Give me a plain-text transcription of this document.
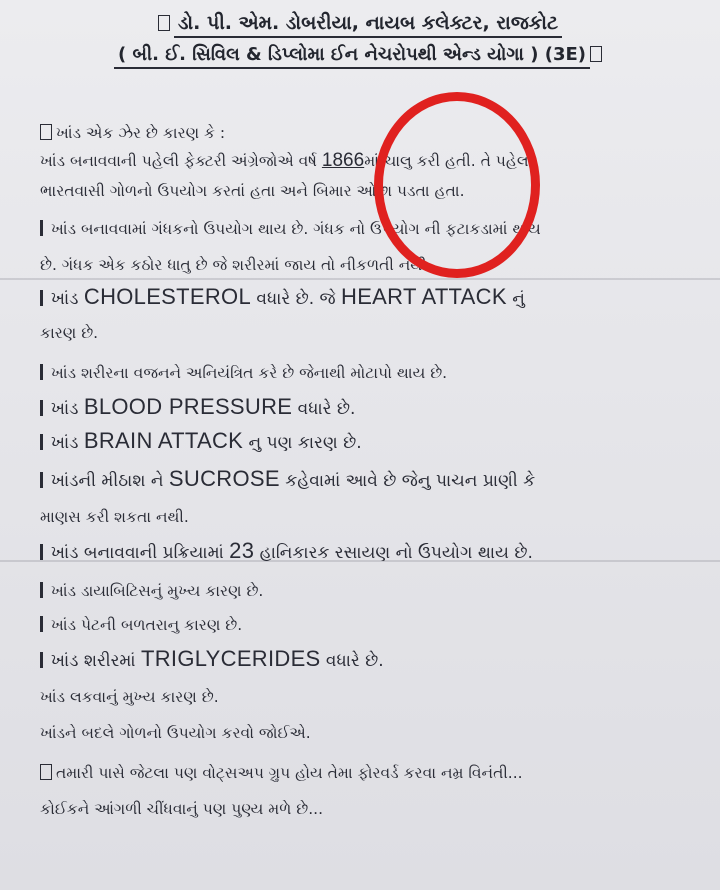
ડો. પી. એમ. ડોબરીયા, નાયબ કલેક્ટર, રાજકોટ
( બી. ઈ. સિવિલ & ડિપ્લોમા ઈન નેચરોપથી એન્ડ યોગા ) (3E)
ખાંડ એક ઝેર છે કારણ કે :
ખાંડ બનાવવાની પહેલી ફેક્ટરી અંગ્રેજોએ વર્ષ 1866માં ચાલુ કરી હતી. તે પહેલાં
ભારતવાસી ગોળનો ઉપયોગ કરતાં હતા અને બિમાર ઓછા પડતા હતા.
ખાંડ બનાવવામાં ગંધકનો ઉપયોગ થાય છે. ગંધક નો ઉપયોગ ની ફટાકડામાં થાય
છે. ગંધક એક કઠોર ધાતુ છે જે શરીરમાં જાય તો નીકળતી નથી.
ખાંડ CHOLESTEROL વધારે છે. જે HEART ATTACK નું
કારણ છે.
ખાંડ શરીરના વજનને અનિયંત્રિત કરે છે જેનાથી મોટાપો થાય છે.
ખાંડ BLOOD PRESSURE વધારે છે.
ખાંડ BRAIN ATTACK નુ પણ કારણ છે.
ખાંડની મીઠાશ ને SUCROSE કહેવામાં આવે છે જેનુ પાચન પ્રાણી કે
માણસ કરી શકતા નથી.
ખાંડ બનાવવાની પ્રક્રિયામાં 23 હાનિકારક રસાયણ નો ઉપયોગ થાય છે.
ખાંડ ડાયાબિટિસનું મુખ્ય કારણ છે.
ખાંડ પેટની બળતરાનુ કારણ છે.
ખાંડ શરીરમાં TRIGLYCERIDES વધારે છે.
ખાંડ લકવાનું મુખ્ય કારણ છે.
ખાંડને બદલે ગોળનો ઉપયોગ કરવો જોઈએ.
તમારી પાસે જેટલા પણ વોટ્સઅપ ગ્રુપ હોય તેમા ફોરવર્ડ કરવા નમ્ર વિનંતી...
કોઈકને આંગળી ચીંધવાનું પણ પુણ્ય મળે છે...
